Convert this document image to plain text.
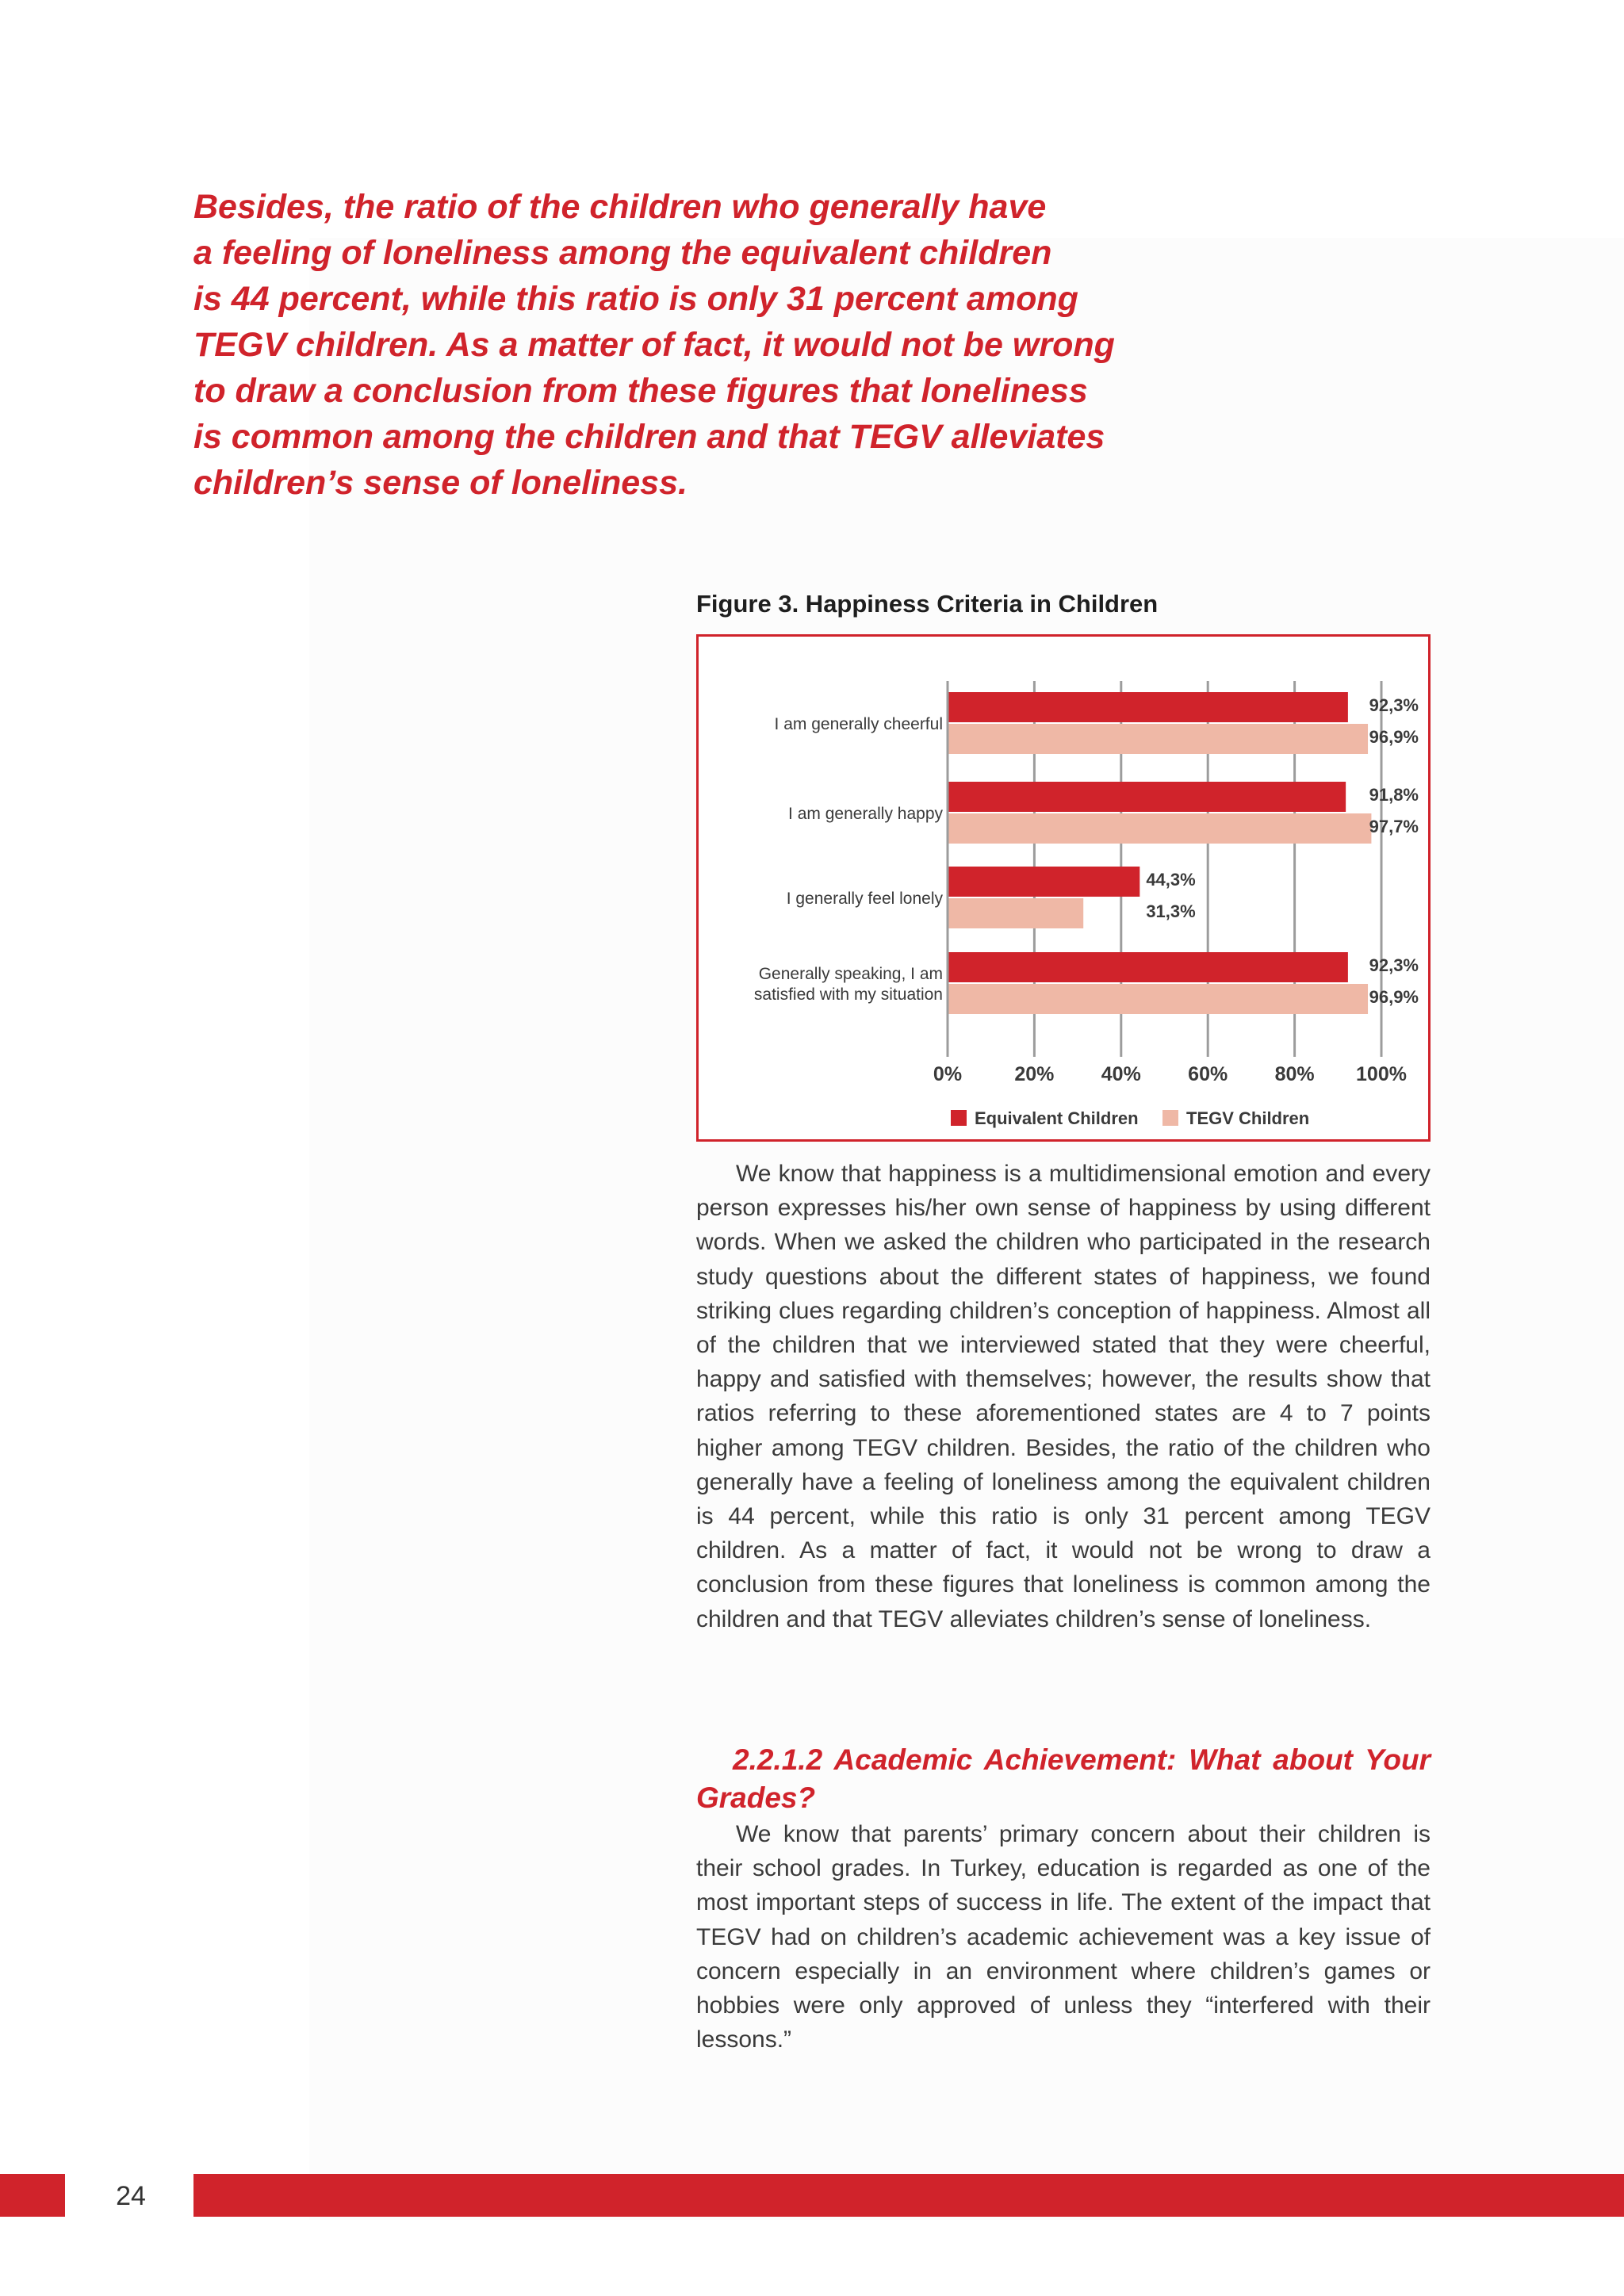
Besides, the ratio of the children who generally have
a feeling of loneliness among the equivalent children
is 44 percent, while this ratio is only 31 percent among
TEGV children. As a matter of fact, it would not be wrong
to draw a conclusion from these figures that loneliness
is common among the children and that TEGV alleviates
children’s sense of loneliness.
Figure 3. Happiness Criteria in Children
I am generally cheerful
92,3%
96,9%
I am generally happy
91,8%
97,7%
I generally feel lonely
44,3%
31,3%
Generally speaking, I am
satisfied with my situation
92,3%
96,9%
0%	20% 40% 60% 80% 100%
Equivalent Children	TEGV Children

We know that happiness is a multidimensional emotion and every person expresses his/her own sense of happiness by using different words. When we asked the children who participated in the research study questions about the different states of happiness, we found striking clues regarding children’s conception of happiness. Almost all of the children that we interviewed stated that they were cheerful, happy and satisfied with themselves; however, the results show that ratios referring to these aforementioned states are 4 to 7 points higher among TEGV children. Besides, the ratio of the children who generally have a feeling of loneliness among the equivalent children is 44 percent, while this ratio is only 31 percent among TEGV children. As a matter of fact, it would not be wrong to draw a conclusion from these figures that loneliness is common among the children and that TEGV alleviates children’s sense of loneliness.

2.2.1.2 Academic Achievement: What about Your Grades?

We know that parents’ primary concern about their children is their school grades. In Turkey, education is regarded as one of the most important steps of success in life. The extent of the impact that TEGV had on children’s academic achievement was a key issue of concern especially in an environment where children’s games or hobbies were only approved of unless they “interfered with their lessons.”

24
